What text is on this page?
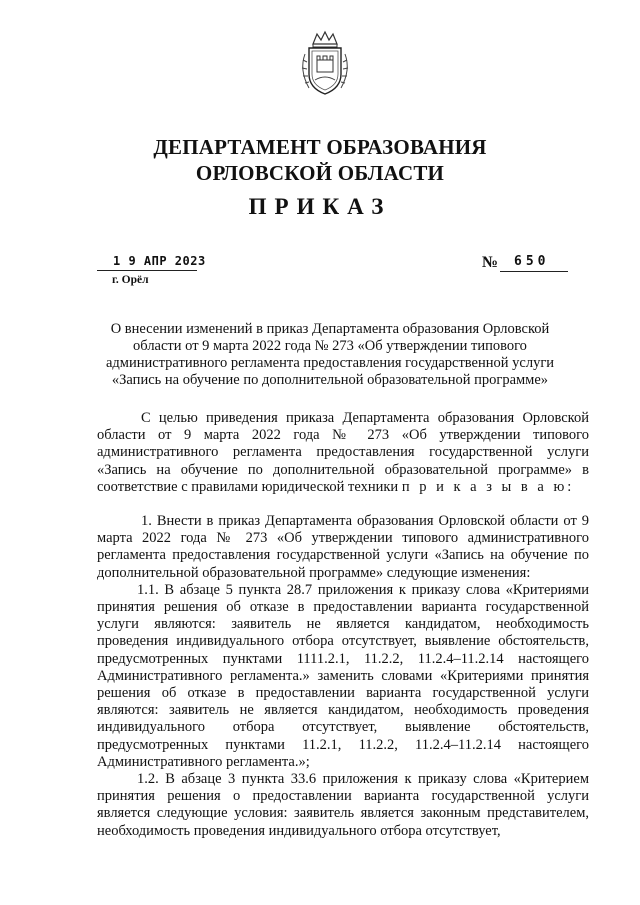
ДЕПАРТАМЕНТ ОБРАЗОВАНИЯ
ОРЛОВСКОЙ ОБЛАСТИ
ПРИКАЗ
1 9 АПР 2023
г. Орёл
№ 650
О внесении изменений в приказ Департамента образования Орловской области от 9 марта 2022 года № 273 «Об утверждении типового административного регламента предоставления государственной услуги «Запись на обучение по дополнительной образовательной программе»

С целью приведения приказа Департамента образования Орловской области от 9 марта 2022 года № 273 «Об утверждении типового административного регламента предоставления государственной услуги «Запись на обучение по дополнительной образовательной программе» в соответствие с правилами юридической техники п р и к а з ы в а ю:

1. Внести в приказ Департамента образования Орловской области от 9 марта 2022 года № 273 «Об утверждении типового административного регламента предоставления государственной услуги «Запись на обучение по дополнительной образовательной программе» следующие изменения:

1.1. В абзаце 5 пункта 28.7 приложения к приказу слова «Критериями принятия решения об отказе в предоставлении варианта государственной услуги являются: заявитель не является кандидатом, необходимость проведения индивидуального отбора отсутствует, выявление обстоятельств, предусмотренных пунктами 1111.2.1, 11.2.2, 11.2.4–11.2.14 настоящего Административного регламента.» заменить словами «Критериями принятия решения об отказе в предоставлении варианта государственной услуги являются: заявитель не является кандидатом, необходимость проведения индивидуального отбора отсутствует, выявление обстоятельств, предусмотренных пунктами 11.2.1, 11.2.2, 11.2.4–11.2.14 настоящего Административного регламента.»;

1.2. В абзаце 3 пункта 33.6 приложения к приказу слова «Критерием принятия решения о предоставлении варианта государственной услуги является следующие условия: заявитель является законным представителем, необходимость проведения индивидуального отбора отсутствует,
